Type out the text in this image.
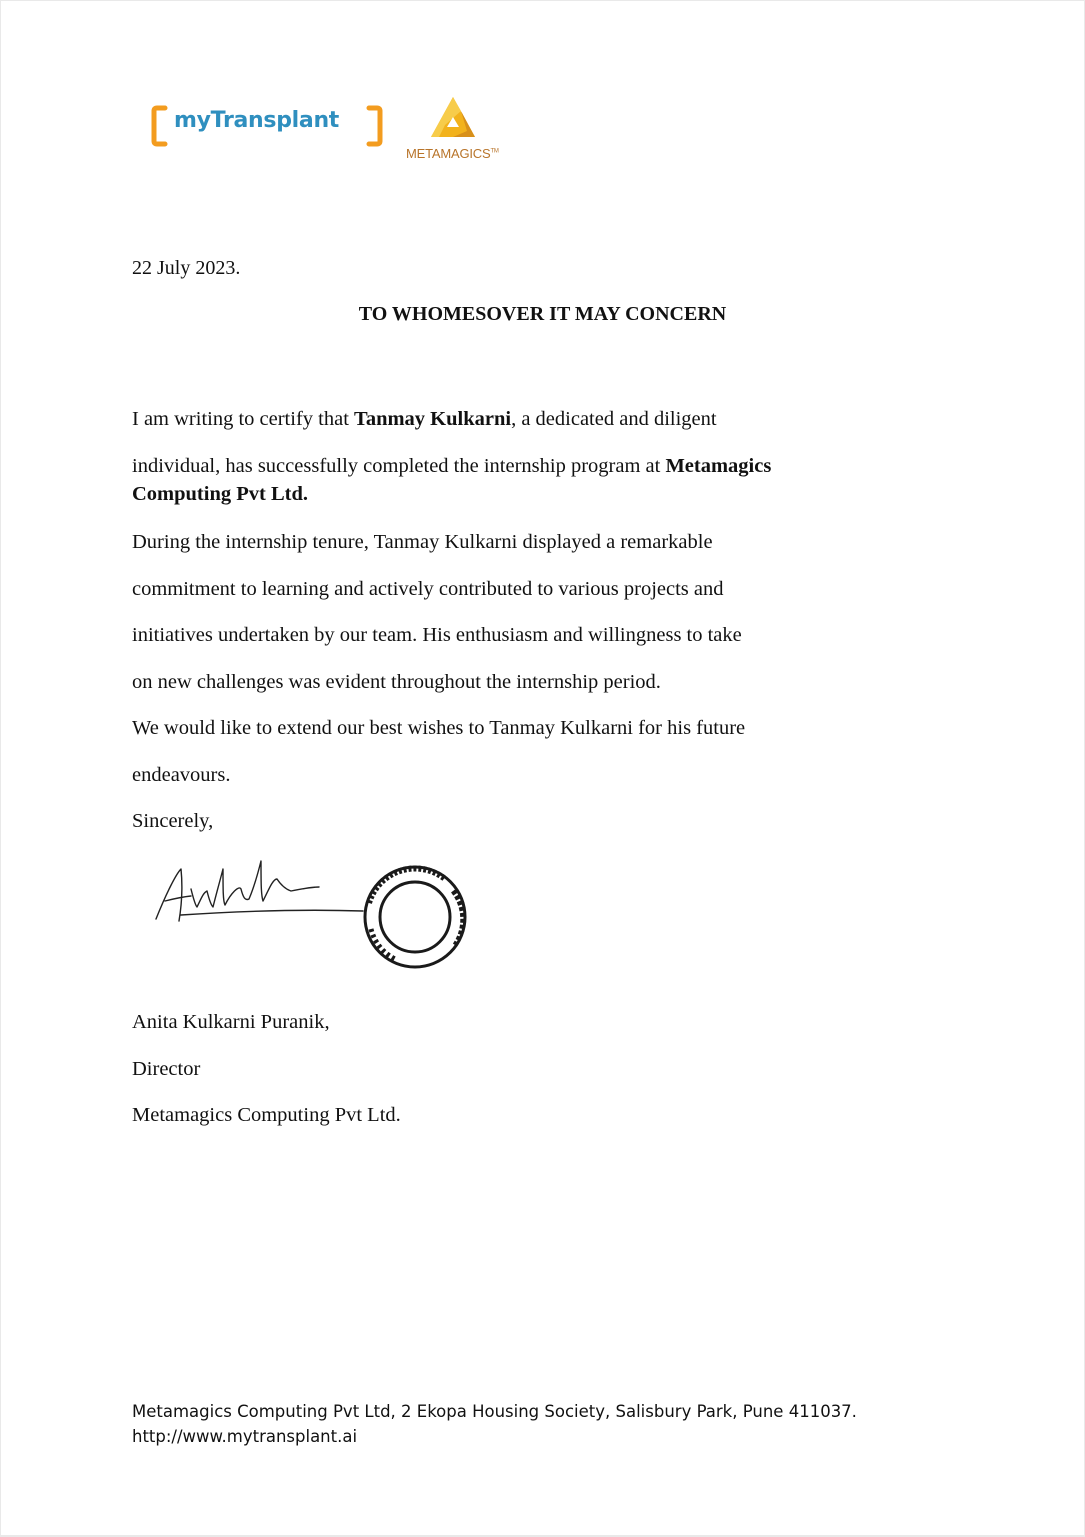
myTransplant
METAMAGICS™
22 July 2023.
TO WHOMESOVER IT MAY CONCERN

I am writing to certify that Tanmay Kulkarni, a dedicated and diligent
individual, has successfully completed the internship program at Metamagics
Computing Pvt Ltd.

During the internship tenure, Tanmay Kulkarni displayed a remarkable
commitment to learning and actively contributed to various projects and
initiatives undertaken by our team. His enthusiasm and willingness to take
on new challenges was evident throughout the internship period.

We would like to extend our best wishes to Tanmay Kulkarni for his future
endeavours.
Sincerely,

Anita Kulkarni Puranik,
Director
Metamagics Computing Pvt Ltd.
Metamagics Computing Pvt Ltd, 2 Ekopa Housing Society, Salisbury Park, Pune 411037.
http://www.mytransplant.ai
